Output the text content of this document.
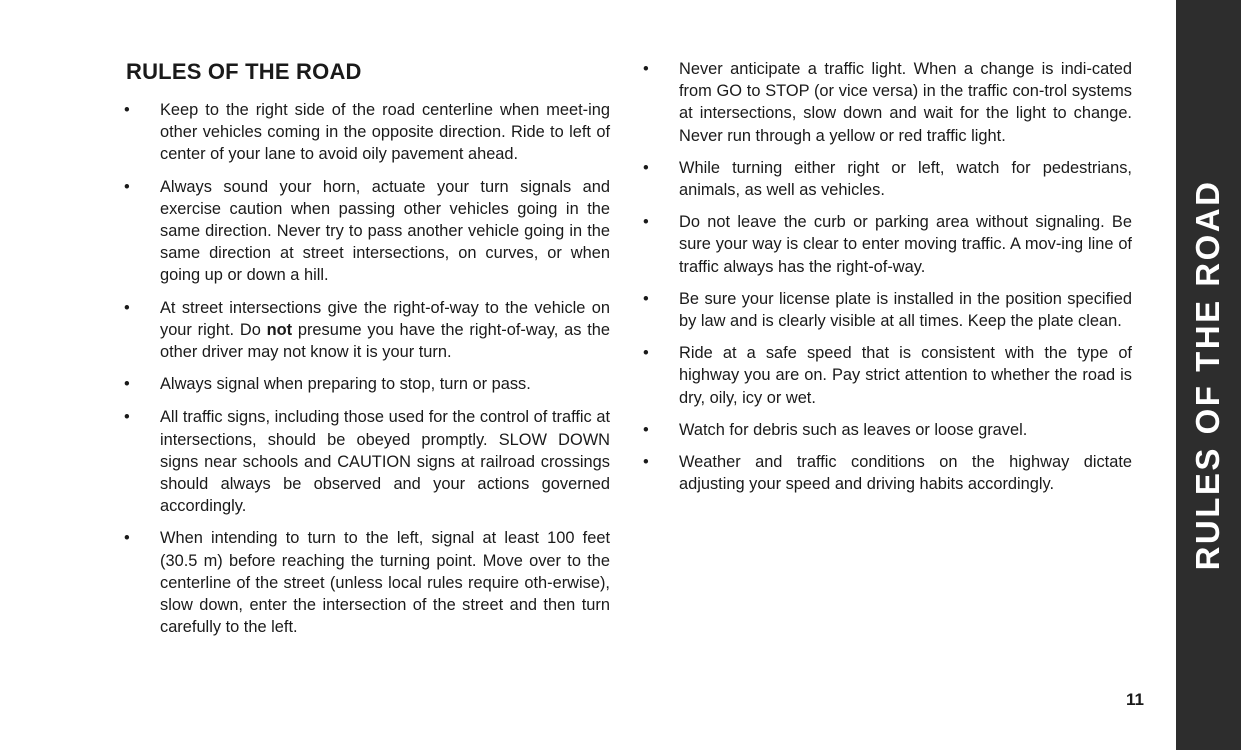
RULES OF THE ROAD
•	Keep to the right side of the road centerline when meet-ing other vehicles coming in the opposite direction. Ride to left of center of your lane to avoid oily pavement ahead.
•	Always sound your horn, actuate your turn signals and exercise caution when passing other vehicles going in the same direction. Never try to pass another vehicle going in the same direction at street intersections, on curves, or when going up or down a hill.
•	At street intersections give the right-of-way to the vehicle on your right. Do not presume you have the right-of-way, as the other driver may not know it is your turn.
•	Always signal when preparing to stop, turn or pass.
•	All traffic signs, including those used for the control of traffic at intersections, should be obeyed promptly. SLOW DOWN signs near schools and CAUTION signs at railroad crossings should always be observed and your actions governed accordingly.
•	When intending to turn to the left, signal at least 100 feet (30.5 m) before reaching the turning point. Move over to the centerline of the street (unless local rules require oth-erwise), slow down, enter the intersection of the street and then turn carefully to the left.
•	Never anticipate a traffic light. When a change is indi-cated from GO to STOP (or vice versa) in the traffic con-trol systems at intersections, slow down and wait for the light to change. Never run through a yellow or red traffic light.
•	While turning either right or left, watch for pedestrians, animals, as well as vehicles.
•	Do not leave the curb or parking area without signaling. Be sure your way is clear to enter moving traffic. A mov-ing line of traffic always has the right-of-way.
•	Be sure your license plate is installed in the position specified by law and is clearly visible at all times. Keep the plate clean.
•	Ride at a safe speed that is consistent with the type of highway you are on. Pay strict attention to whether the road is dry, oily, icy or wet.
•	Watch for debris such as leaves or loose gravel.
•	Weather and traffic conditions on the highway dictate adjusting your speed and driving habits accordingly.	RULES OF THE ROAD
11
